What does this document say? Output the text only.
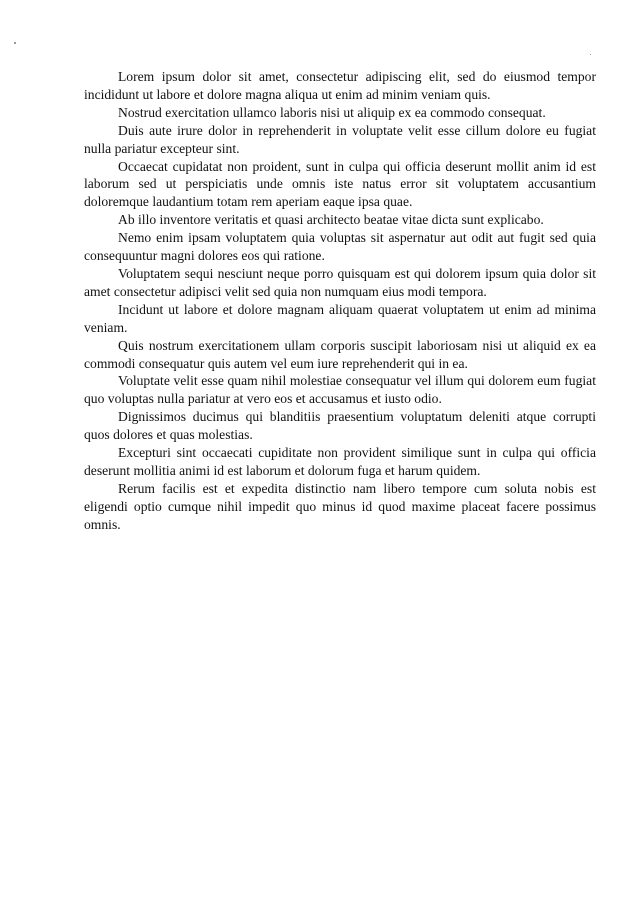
Lorem ipsum dolor sit amet, consectetur adipiscing elit, sed do eiusmod tempor incididunt ut labore et dolore magna aliqua ut enim ad minim veniam quis.

Nostrud exercitation ullamco laboris nisi ut aliquip ex ea commodo consequat.

Duis aute irure dolor in reprehenderit in voluptate velit esse cillum dolore eu fugiat nulla pariatur excepteur sint.

Occaecat cupidatat non proident, sunt in culpa qui officia deserunt mollit anim id est laborum sed ut perspiciatis unde omnis iste natus error sit voluptatem accusantium doloremque laudantium totam rem aperiam eaque ipsa quae.

Ab illo inventore veritatis et quasi architecto beatae vitae dicta sunt explicabo.

Nemo enim ipsam voluptatem quia voluptas sit aspernatur aut odit aut fugit sed quia consequuntur magni dolores eos qui ratione.

Voluptatem sequi nesciunt neque porro quisquam est qui dolorem ipsum quia dolor sit amet consectetur adipisci velit sed quia non numquam eius modi tempora.

Incidunt ut labore et dolore magnam aliquam quaerat voluptatem ut enim ad minima veniam.

Quis nostrum exercitationem ullam corporis suscipit laboriosam nisi ut aliquid ex ea commodi consequatur quis autem vel eum iure reprehenderit qui in ea.

Voluptate velit esse quam nihil molestiae consequatur vel illum qui dolorem eum fugiat quo voluptas nulla pariatur at vero eos et accusamus et iusto odio.

Dignissimos ducimus qui blanditiis praesentium voluptatum deleniti atque corrupti quos dolores et quas molestias.

Excepturi sint occaecati cupiditate non provident similique sunt in culpa qui officia deserunt mollitia animi id est laborum et dolorum fuga et harum quidem.

Rerum facilis est et expedita distinctio nam libero tempore cum soluta nobis est eligendi optio cumque nihil impedit quo minus id quod maxime placeat facere possimus omnis.
